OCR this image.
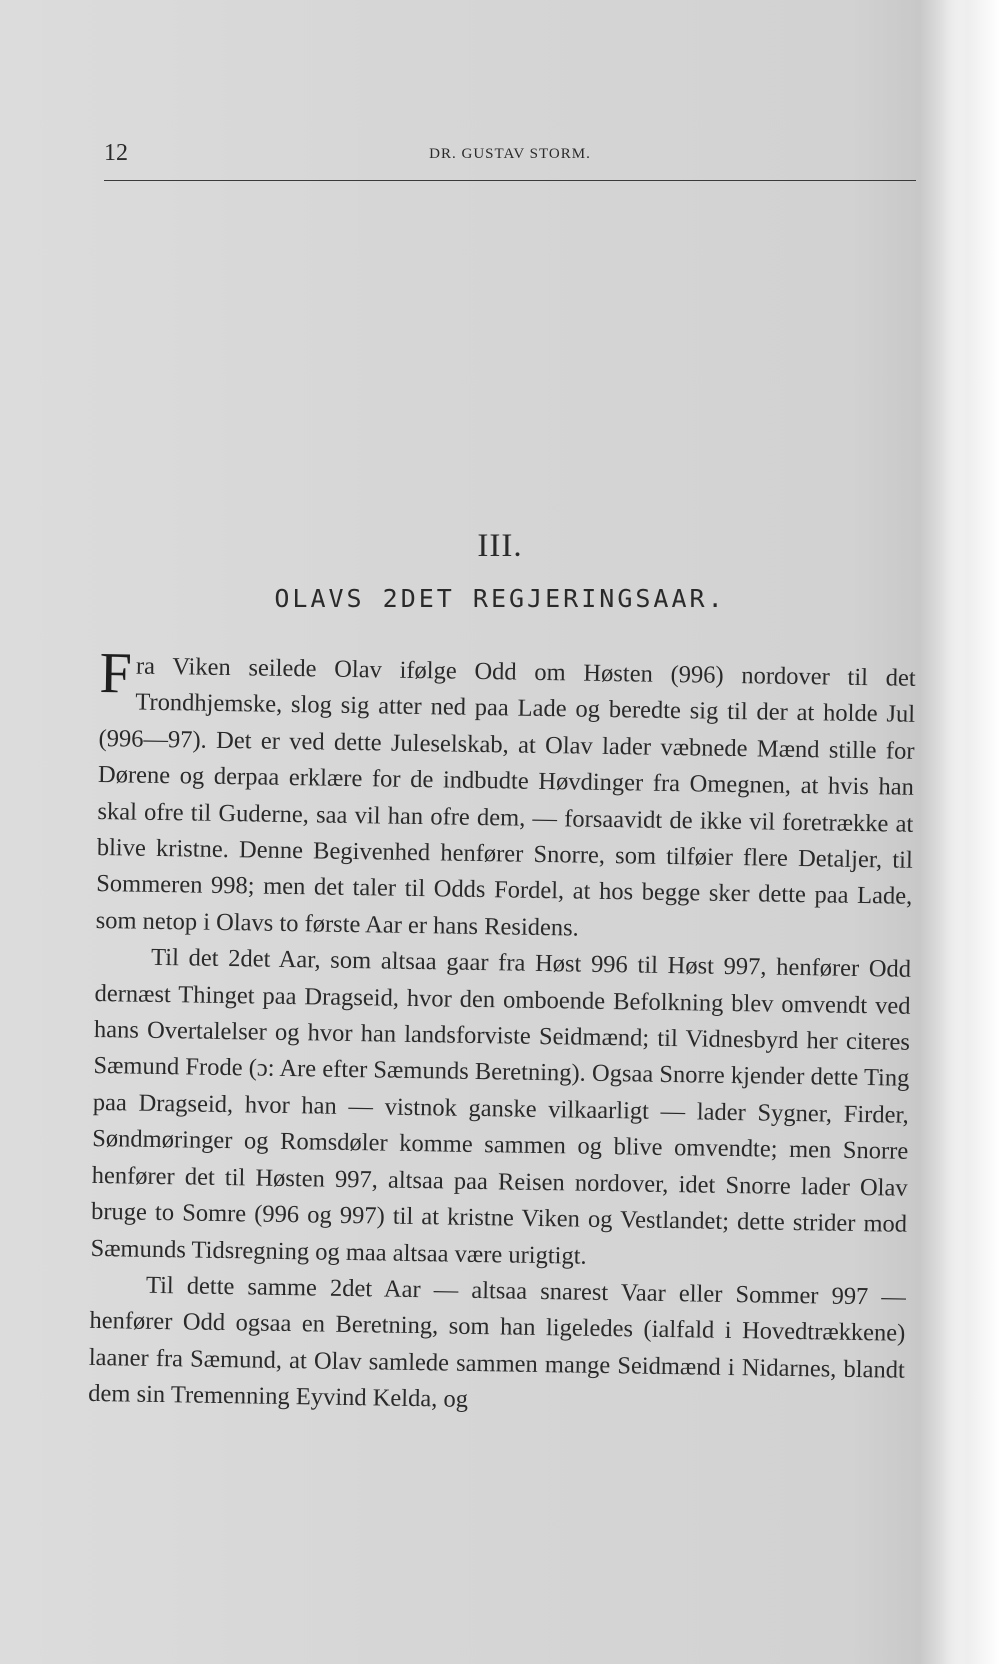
12	DR. GUSTAV STORM.
III.
OLAVS 2DET REGJERINGSAAR.

Fra Viken seilede Olav ifølge Odd om Høsten (996) nordover til det Trondhjemske, slog sig atter ned paa Lade og beredte sig til der at holde Jul (996—97). Det er ved dette Juleselskab, at Olav lader væbnede Mænd stille for Dørene og derpaa erklære for de indbudte Høvdinger fra Omegnen, at hvis han skal ofre til Guderne, saa vil han ofre dem, — forsaavidt de ikke vil foretrække at blive kristne. Denne Begivenhed henfører Snorre, som tilføier flere Detaljer, til Sommeren 998; men det taler til Odds Fordel, at hos begge sker dette paa Lade, som netop i Olavs to første Aar er hans Residens.

Til det 2det Aar, som altsaa gaar fra Høst 996 til Høst 997, henfører Odd dernæst Thinget paa Dragseid, hvor den omboende Befolkning blev omvendt ved hans Overtalelser og hvor han landsforviste Seidmænd; til Vidnesbyrd her citeres Sæmund Frode (ɔ: Are efter Sæmunds Beretning). Ogsaa Snorre kjender dette Ting paa Dragseid, hvor han — vistnok ganske vilkaarligt — lader Sygner, Firder, Søndmøringer og Romsdøler komme sammen og blive omvendte; men Snorre henfører det til Høsten 997, altsaa paa Reisen nordover, idet Snorre lader Olav bruge to Somre (996 og 997) til at kristne Viken og Vestlandet; dette strider mod Sæmunds Tidsregning og maa altsaa være urigtigt.

Til dette samme 2det Aar — altsaa snarest Vaar eller Sommer 997 — henfører Odd ogsaa en Beretning, som han ligeledes (ialfald i Hovedtrækkene) laaner fra Sæmund, at Olav samlede sammen mange Seidmænd i Nidarnes, blandt dem sin Tremenning Eyvind Kelda, og
